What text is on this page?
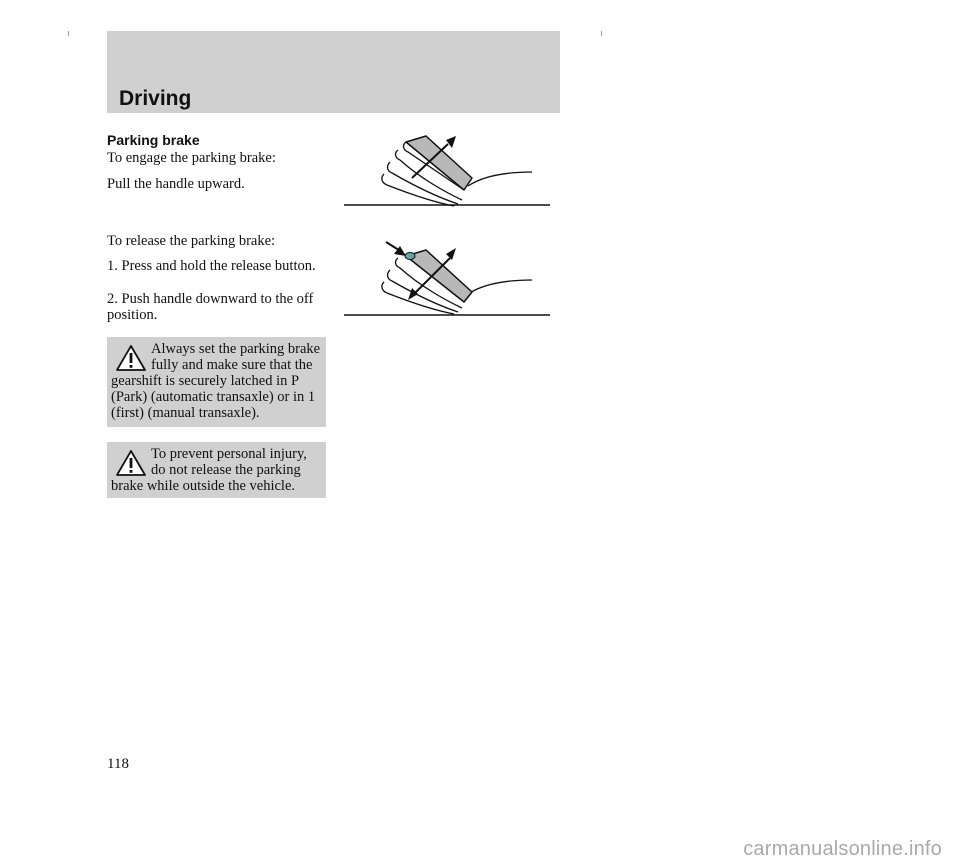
Driving
Parking brake
To engage the parking brake:
Pull the handle upward.
To release the parking brake:
1. Press and hold the release button.
2. Push handle downward to the off position.
Always set the parking brake fully and make sure that the gearshift is securely latched in P (Park) (automatic transaxle) or in 1 (first) (manual transaxle).
To prevent personal injury, do not release the parking brake while outside the vehicle.
118
carmanualsonline.info
